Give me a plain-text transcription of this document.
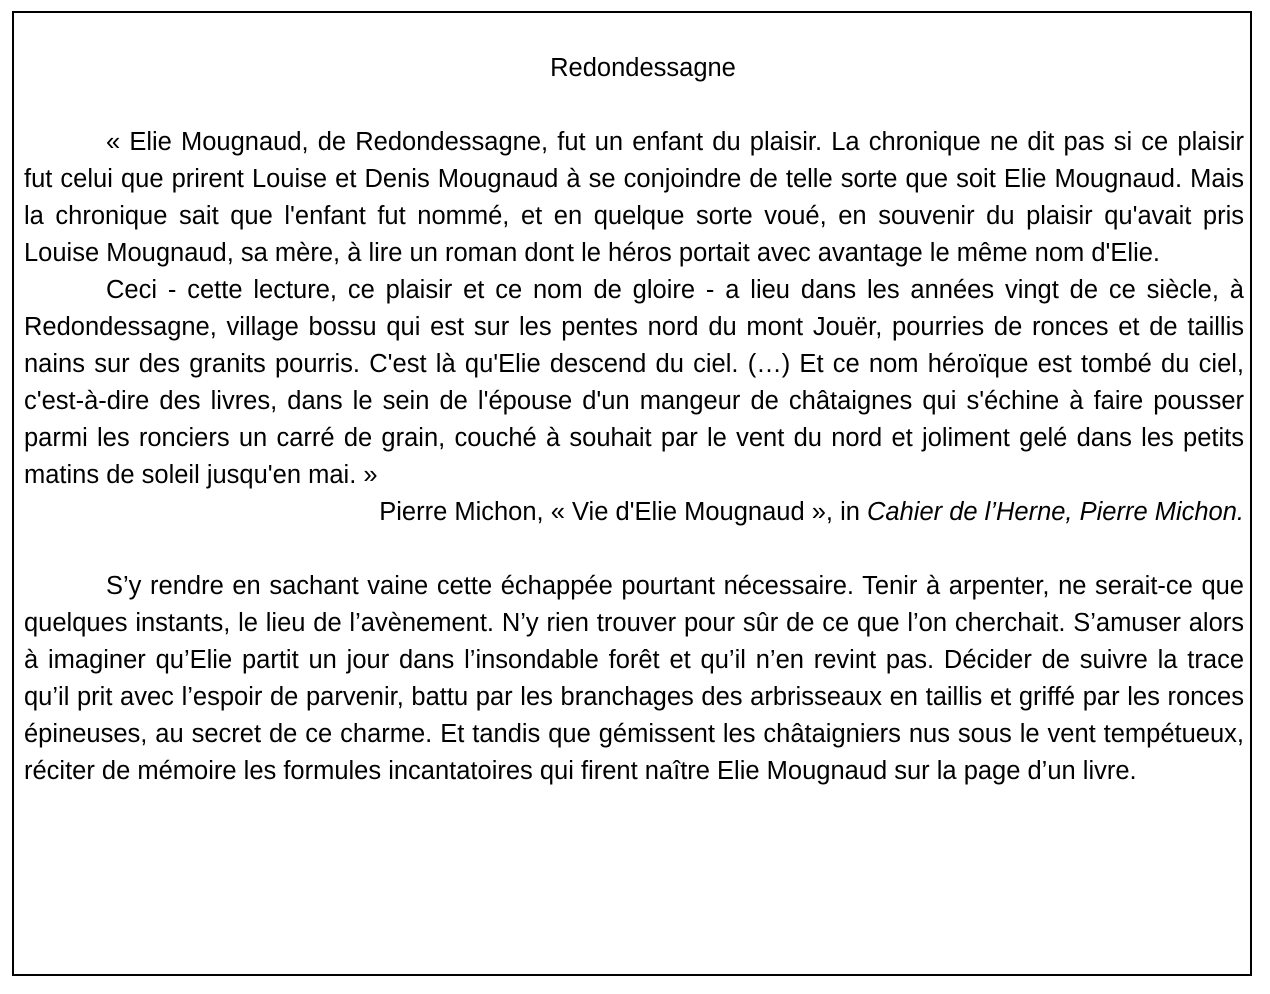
Redondessagne

« Elie Mougnaud, de Redondessagne, fut un enfant du plaisir. La chronique ne dit pas si ce plaisir fut celui que prirent Louise et Denis Mougnaud à se conjoindre de telle sorte que soit Elie Mougnaud. Mais la chronique sait que l'enfant fut nommé, et en quelque sorte voué, en souvenir du plaisir qu'avait pris Louise Mougnaud, sa mère, à lire un roman dont le héros portait avec avantage le même nom d'Elie.

Ceci - cette lecture, ce plaisir et ce nom de gloire - a lieu dans les années vingt de ce siècle, à Redondessagne, village bossu qui est sur les pentes nord du mont Jouër, pourries de ronces et de taillis nains sur des granits pourris. C'est là qu'Elie descend du ciel. (…) Et ce nom héroïque est tombé du ciel, c'est-à-dire des livres, dans le sein de l'épouse d'un mangeur de châtaignes qui s'échine à faire pousser parmi les ronciers un carré de grain, couché à souhait par le vent du nord et joliment gelé dans les petits matins de soleil jusqu'en mai. »

Pierre Michon, « Vie d'Elie Mougnaud », in Cahier de l’Herne, Pierre Michon.

S’y rendre en sachant vaine cette échappée pourtant nécessaire. Tenir à arpenter, ne serait-ce que quelques instants, le lieu de l’avènement. N’y rien trouver pour sûr de ce que l’on cherchait. S’amuser alors à imaginer qu’Elie partit un jour dans l’insondable forêt et qu’il n’en revint pas. Décider de suivre la trace qu’il prit avec l’espoir de parvenir, battu par les branchages des arbrisseaux en taillis et griffé par les ronces épineuses, au secret de ce charme. Et tandis que gémissent les châtaigniers nus sous le vent tempétueux, réciter de mémoire les formules incantatoires qui firent naître Elie Mougnaud sur la page d’un livre.
